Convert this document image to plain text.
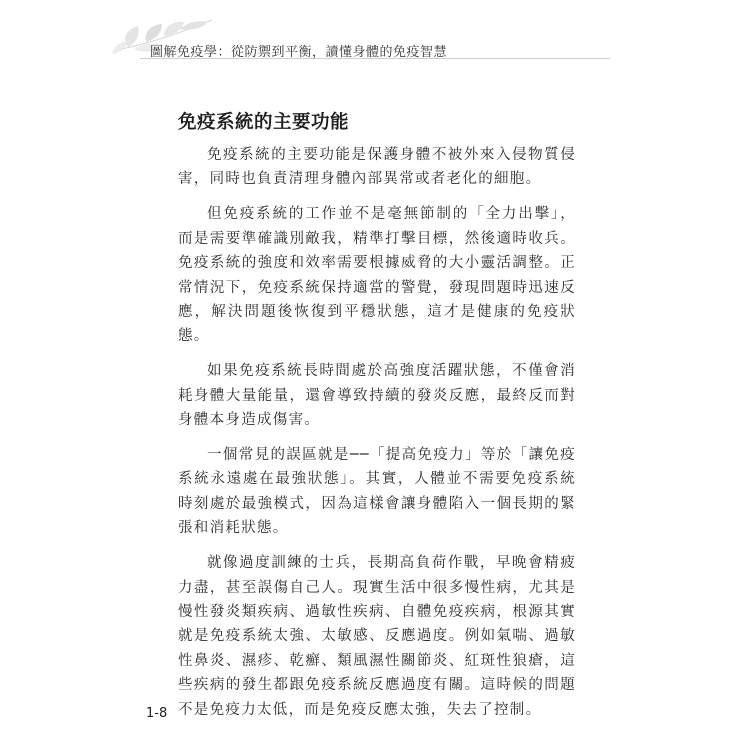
圖解免疫學：從防禦到平衡，讀懂身體的免疫智慧
免疫系統的主要功能

免疫系統的主要功能是保護身體不被外來入侵物質侵害，同時也負責清理身體內部異常或者老化的細胞。

但免疫系統的工作並不是毫無節制的「全力出擊」，而是需要準確識別敵我，精準打擊目標，然後適時收兵。免疫系統的強度和效率需要根據威脅的大小靈活調整。正常情況下，免疫系統保持適當的警覺，發現問題時迅速反應，解決問題後恢復到平穩狀態，這才是健康的免疫狀態。

如果免疫系統長時間處於高強度活躍狀態，不僅會消耗身體大量能量，還會導致持續的發炎反應，最終反而對身體本身造成傷害。

一個常見的誤區就是──「提高免疫力」等於「讓免疫系統永遠處在最強狀態」。其實，人體並不需要免疫系統時刻處於最強模式，因為這樣會讓身體陷入一個長期的緊張和消耗狀態。

就像過度訓練的士兵，長期高負荷作戰，早晚會精疲力盡，甚至誤傷自己人。現實生活中很多慢性病，尤其是慢性發炎類疾病、過敏性疾病、自體免疫疾病，根源其實就是免疫系統太強、太敏感、反應過度。例如氣喘、過敏性鼻炎、濕疹、乾癬、類風濕性關節炎、紅斑性狼瘡，這些疾病的發生都跟免疫系統反應過度有關。這時候的問題不是免疫力太低，而是免疫反應太強，失去了控制。

1-8
